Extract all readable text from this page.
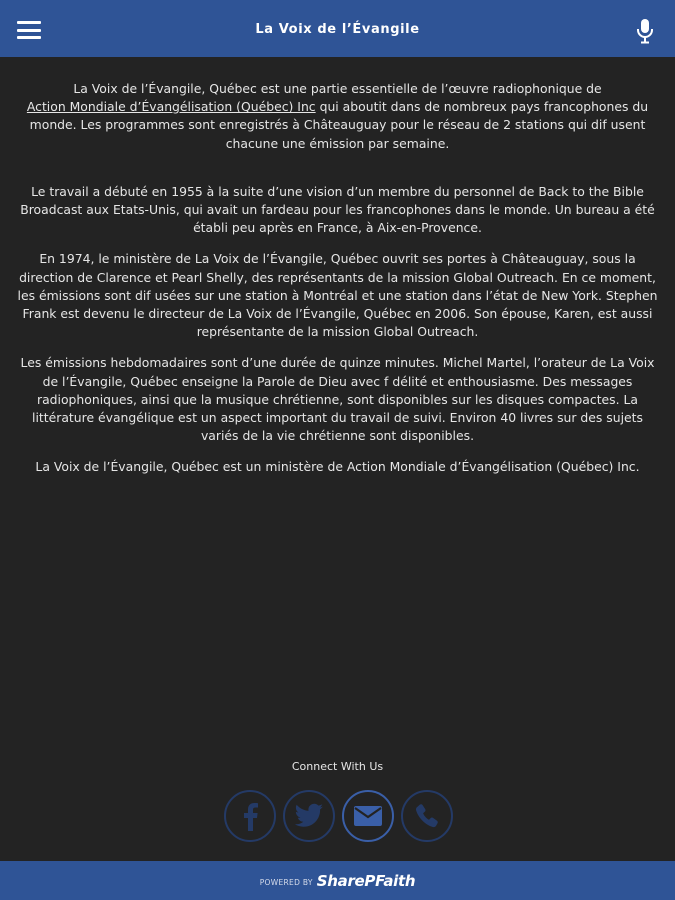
La Voix de l’Évangile

La Voix de l’Évangile, Québec est une partie essentielle de l’œuvre radiophonique de
Action Mondiale d’Évangélisation (Québec) Inc qui aboutit dans de nombreux pays francophones du monde. Les programmes sont enregistrés à Châteauguay pour le réseau de 2 stations qui dif usent chacune une émission par semaine.

Le travail a débuté en 1955 à la suite d’une vision d’un membre du personnel de Back to the Bible Broadcast aux Etats-Unis, qui avait un fardeau pour les francophones dans le monde. Un bureau a été établi peu après en France, à Aix-en-Provence.

En 1974, le ministère de La Voix de l’Évangile, Québec ouvrit ses portes à Châteauguay, sous la direction de Clarence et Pearl Shelly, des représentants de la mission Global Outreach. En ce moment, les émissions sont dif usées sur une station à Montréal et une station dans l’état de New York. Stephen Frank est devenu le directeur de La Voix de l’Évangile, Québec en 2006. Son épouse, Karen, est aussi représentante de la mission Global Outreach.

Les émissions hebdomadaires sont d’une durée de quinze minutes. Michel Martel, l’orateur de La Voix de l’Évangile, Québec enseigne la Parole de Dieu avec f délité et enthousiasme. Des messages radiophoniques, ainsi que la musique chrétienne, sont disponibles sur les disques compactes. La littérature évangélique est un aspect important du travail de suivi. Environ 40 livres sur des sujets variés de la vie chrétienne sont disponibles.

La Voix de l’Évangile, Québec est un ministère de Action Mondiale d’Évangélisation (Québec) Inc.

Connect With Us
POWERED BY SharePFaith
